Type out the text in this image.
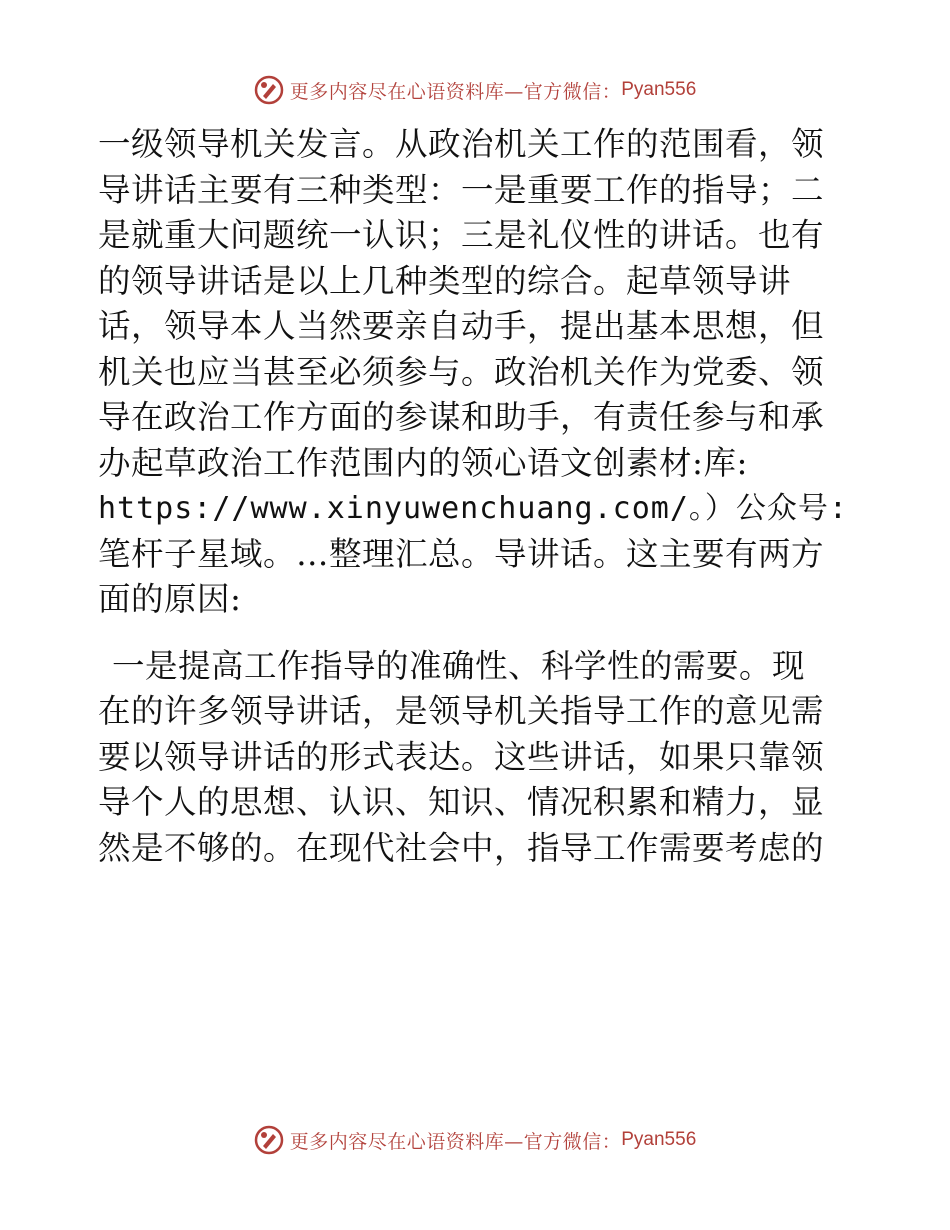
更多内容尽在心语资料库—官方微信： Pyan556

一级领导机关发言。从政治机关工作的范围看，领
导讲话主要有三种类型：一是重要工作的指导；二
是就重大问题统一认识；三是礼仪性的讲话。也有
的领导讲话是以上几种类型的综合。起草领导讲
话，领导本人当然要亲自动手，提出基本思想，但
机关也应当甚至必须参与。政治机关作为党委、领
导在政治工作方面的参谋和助手，有责任参与和承
办起草政治工作范围内的领心语文创素材:库:
https://www.xinyuwenchuang.com/。）公众号:
笔杆子星域。…整理汇总。导讲话。这主要有两方
面的原因:

一是提高工作指导的准确性、科学性的需要。现
在的许多领导讲话，是领导机关指导工作的意见需
要以领导讲话的形式表达。这些讲话，如果只靠领
导个人的思想、认识、知识、情况积累和精力，显
然是不够的。在现代社会中，指导工作需要考虑的

更多内容尽在心语资料库—官方微信： Pyan556
